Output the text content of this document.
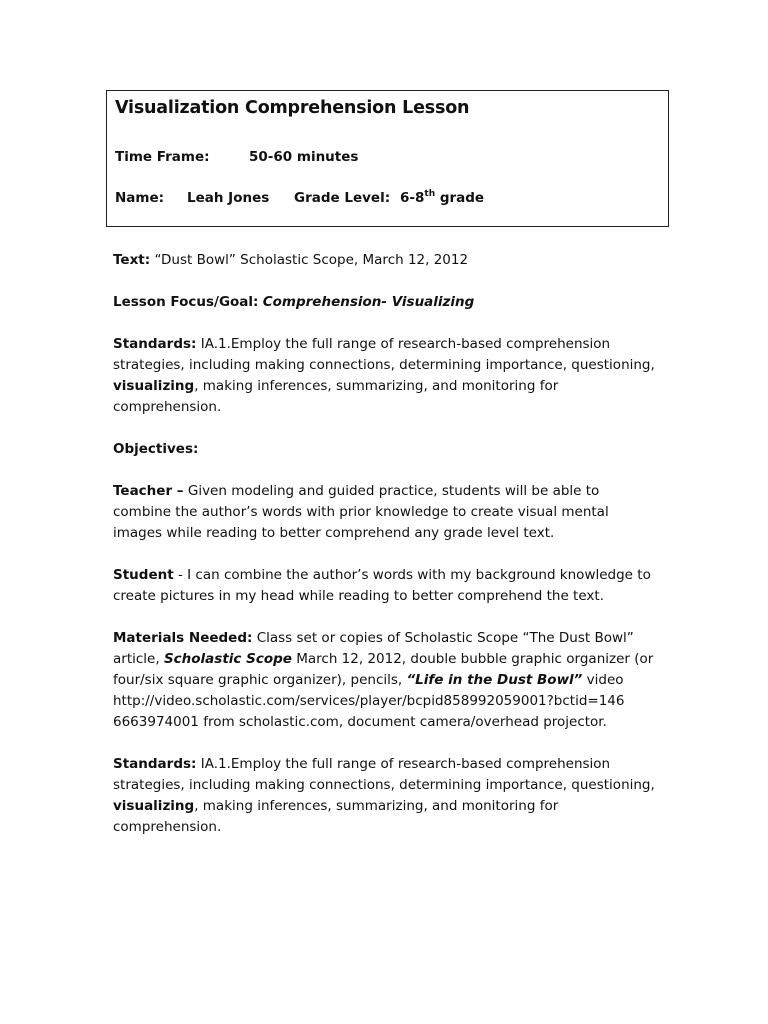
Visualization Comprehension Lesson
Time Frame:	50-60 minutes
Name: Leah Jones Grade Level: 6-8th grade

Text: “Dust Bowl” Scholastic Scope, March 12, 2012

Lesson Focus/Goal: Comprehension- Visualizing

Standards: IA.1.Employ the full range of research-based comprehension strategies, including making connections, determining importance, questioning, visualizing, making inferences, summarizing, and monitoring for comprehension.

Objectives:

Teacher – Given modeling and guided practice, students will be able to combine the author’s words with prior knowledge to create visual mental images while reading to better comprehend any grade level text.

Student - I can combine the author’s words with my background knowledge to create pictures in my head while reading to better comprehend the text.

Materials Needed: Class set or copies of Scholastic Scope “The Dust Bowl” article, Scholastic Scope March 12, 2012, double bubble graphic organizer (or four/six square graphic organizer), pencils, “Life in the Dust Bowl” video
http://video.scholastic.com/services/player/bcpid858992059001?bctid=146
6663974001 from scholastic.com, document camera/overhead projector.

Standards: IA.1.Employ the full range of research-based comprehension strategies, including making connections, determining importance, questioning, visualizing, making inferences, summarizing, and monitoring for comprehension.
